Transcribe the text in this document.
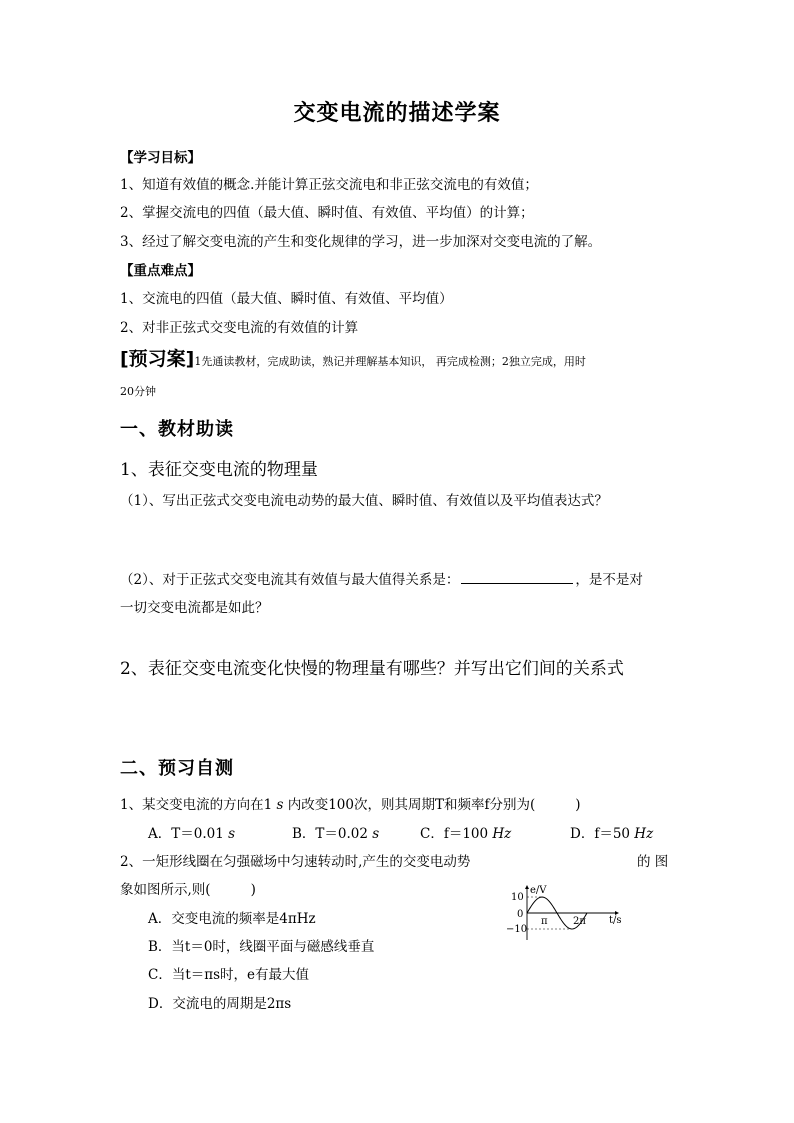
交变电流的描述学案
【学习目标】
1、知道有效值的概念.并能计算正弦交流电和非正弦交流电的有效值；
2、掌握交流电的四值（最大值、瞬时值、有效值、平均值）的计算；
3、经过了解交变电流的产生和变化规律的学习，进一步加深对交变电流的了解。
【重点难点】
1、交流电的四值（最大值、瞬时值、有效值、平均值）
2、对非正弦式交变电流的有效值的计算
[预习案]1先通读教材，完成助读，熟记并理解基本知识， 再完成检测；2独立完成，用时
20分钟
一、教材助读
1、表征交变电流的物理量
（1）、写出正弦式交变电流电动势的最大值、瞬时值、有效值以及平均值表达式？
（2）、对于正弦式交变电流其有效值与最大值得关系是：	，是不是对
一切交变电流都是如此？
2、表征交变电流变化快慢的物理量有哪些？并写出它们间的关系式
二、预习自测
1、某交变电流的方向在1 s 内改变100次，则其周期T和频率f分别为(	)
A．T＝0.01 s	B．T＝0.02 s	C．f＝100 Hz	D．f＝50 Hz
2、一矩形线圈在匀强磁场中匀速转动时,产生的交变电动势	的 图
象如图所示,则(	)
A．交变电流的频率是4πHz
B．当t＝0时，线圈平面与磁感线垂直
C．当t＝πs时，e有最大值
D．交流电的周期是2πs
e/V
t/s
10
0
−10
π	2π
